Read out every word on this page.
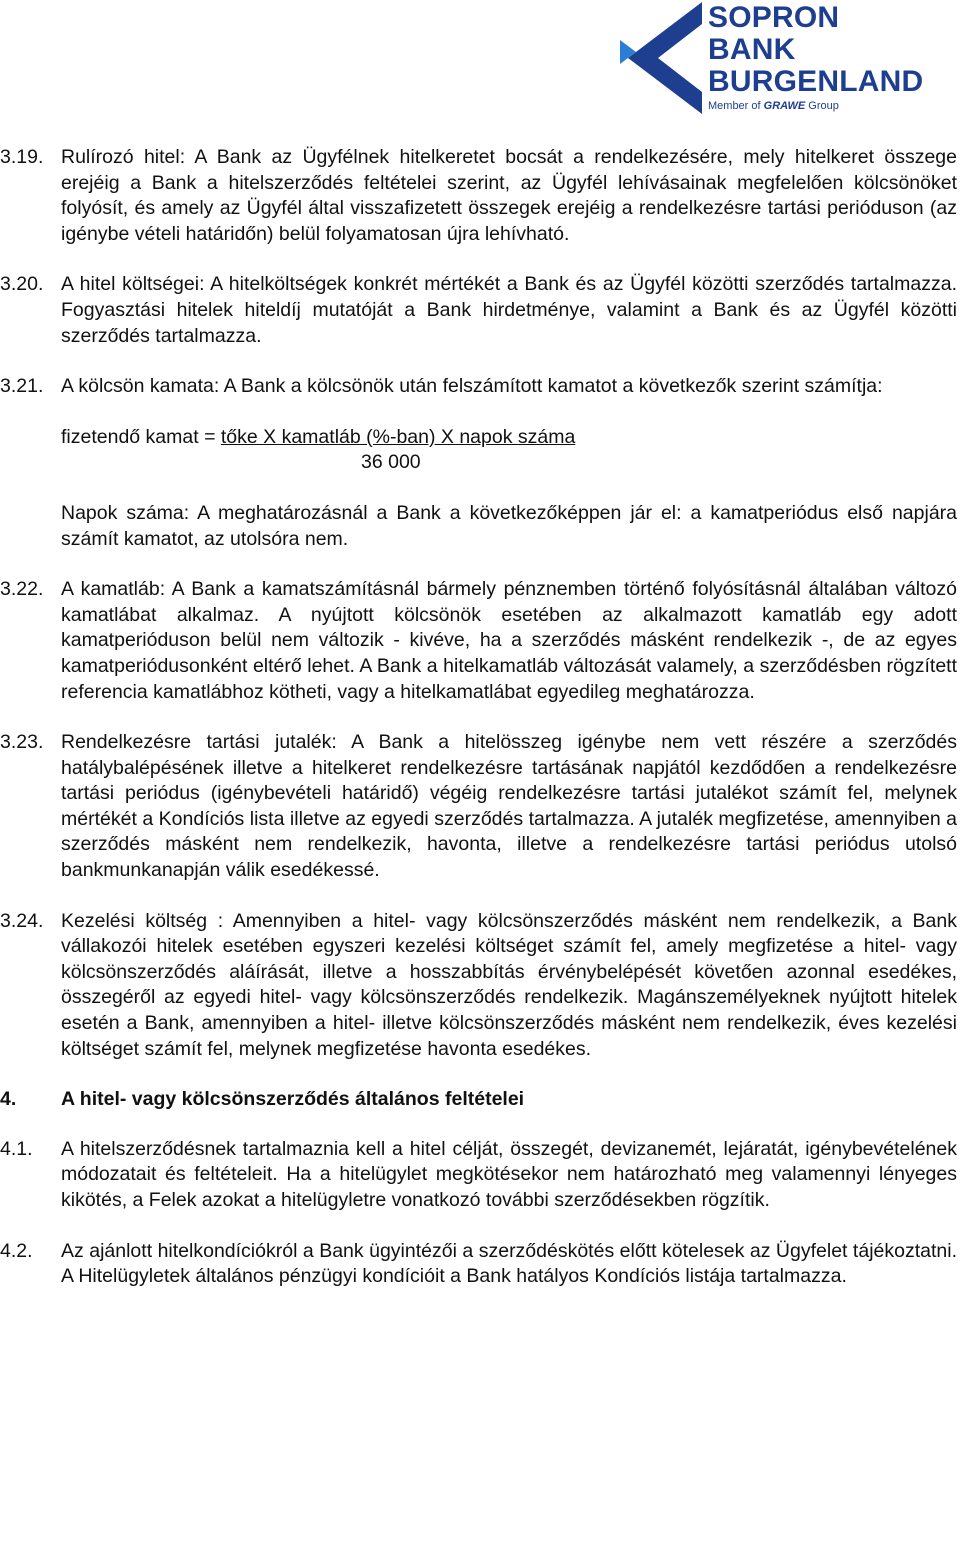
SOPRON
BANK
BURGENLAND
Member of GRAWE Group
3.19. Rulírozó hitel: A Bank az Ügyfélnek hitelkeretet bocsát a rendelkezésére, mely hitelkeret összege erejéig a Bank a hitelszerződés feltételei szerint, az Ügyfél lehívásainak megfelelően kölcsönöket folyósít, és amely az Ügyfél által visszafizetett összegek erejéig a rendelkezésre tartási perióduson (az igénybe vételi határidőn) belül folyamatosan újra lehívható.

3.20. A hitel költségei: A hitelköltségek konkrét mértékét a Bank és az Ügyfél közötti szerződés tartalmazza. Fogyasztási hitelek hiteldíj mutatóját a Bank hirdetménye, valamint a Bank és az Ügyfél közötti szerződés tartalmazza.

3.21. A kölcsön kamata: A Bank a kölcsönök után felszámított kamatot a következők szerint számítja:

fizetendő kamat = tőke X kamatláb (%-ban) X napok száma

36 000

Napok száma: A meghatározásnál a Bank a következőképpen jár el: a kamatperiódus első napjára számít kamatot, az utolsóra nem.

3.22. A kamatláb: A Bank a kamatszámításnál bármely pénznemben történő folyósításnál általában változó kamatlábat alkalmaz. A nyújtott kölcsönök esetében az alkalmazott kamatláb egy adott kamatperióduson belül nem változik - kivéve, ha a szerződés másként rendelkezik -, de az egyes kamatperiódusonként eltérő lehet. A Bank a hitelkamatláb változását valamely, a szerződésben rögzített referencia kamatlábhoz kötheti, vagy a hitelkamatlábat egyedileg meghatározza.

3.23. Rendelkezésre tartási jutalék: A Bank a hitelösszeg igénybe nem vett részére a szerződés hatálybalépésének illetve a hitelkeret rendelkezésre tartásának napjától kezdődően a rendelkezésre tartási periódus (igénybevételi határidő) végéig rendelkezésre tartási jutalékot számít fel, melynek mértékét a Kondíciós lista illetve az egyedi szerződés tartalmazza. A jutalék megfizetése, amennyiben a szerződés másként nem rendelkezik, havonta, illetve a rendelkezésre tartási periódus utolsó bankmunkanapján válik esedékessé.

3.24. Kezelési költség : Amennyiben a hitel- vagy kölcsönszerződés másként nem rendelkezik, a Bank vállakozói hitelek esetében egyszeri kezelési költséget számít fel, amely megfizetése a hitel- vagy kölcsönszerződés aláírását, illetve a hosszabbítás érvénybelépését követően azonnal esedékes, összegéről az egyedi hitel- vagy kölcsönszerződés rendelkezik. Magánszemélyeknek nyújtott hitelek esetén a Bank, amennyiben a hitel- illetve kölcsönszerződés másként nem rendelkezik, éves kezelési költséget számít fel, melynek megfizetése havonta esedékes.

4.	A hitel- vagy kölcsönszerződés általános feltételei
4.1.	A hitelszerződésnek tartalmaznia kell a hitel célját, összegét, devizanemét, lejáratát, igénybevételének módozatait és feltételeit. Ha a hitelügylet megkötésekor nem határozható meg valamennyi lényeges kikötés, a Felek azokat a hitelügyletre vonatkozó további szerződésekben rögzítik.

4.2.	Az ajánlott hitelkondíciókról a Bank ügyintézői a szerződéskötés előtt kötelesek az Ügyfelet tájékoztatni.

A Hitelügyletek általános pénzügyi kondícióit a Bank hatályos Kondíciós listája tartalmazza.
